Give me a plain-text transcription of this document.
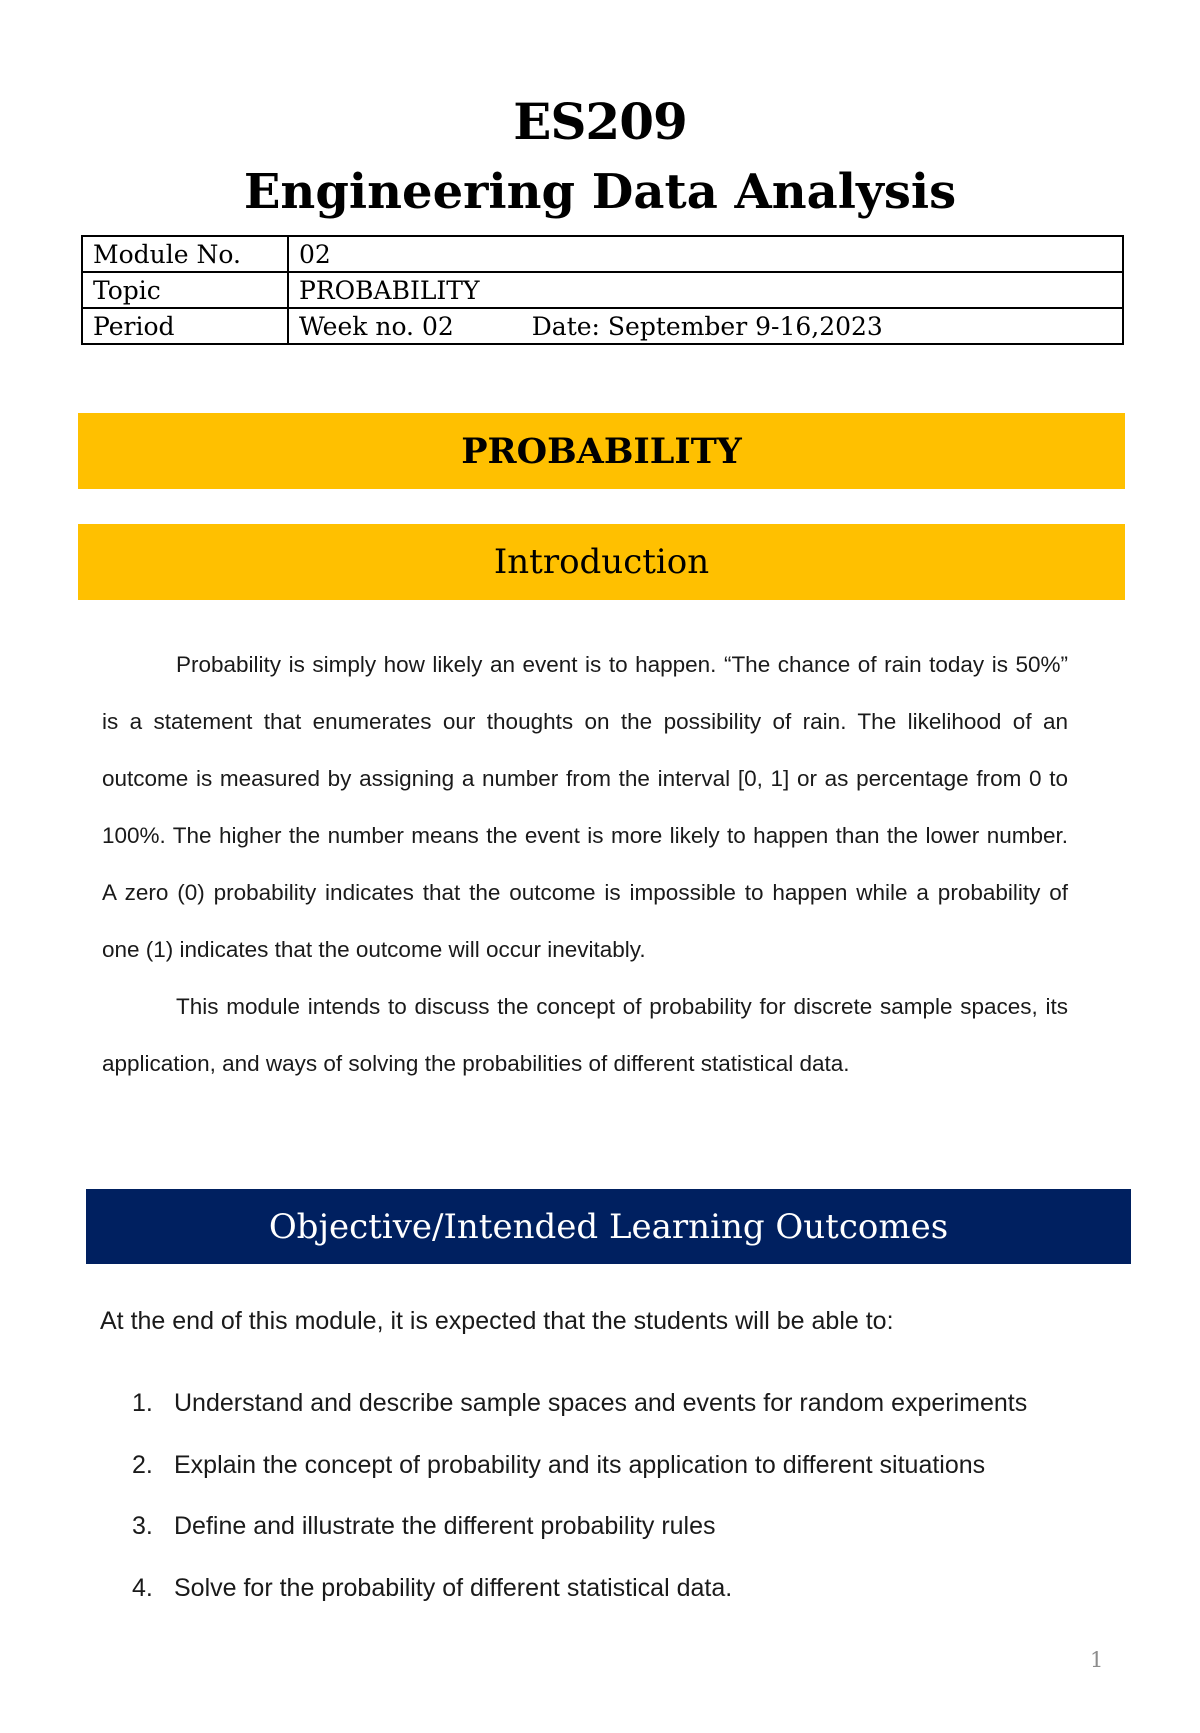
ES209
Engineering Data Analysis
Module No.	02
Topic	PROBABILITY
Period	Week no. 02 Date: September 9-16,2023
PROBABILITY
Introduction

Probability is simply how likely an event is to happen. “The chance of rain today is 50%” is a statement that enumerates our thoughts on the possibility of rain. The likelihood of an outcome is measured by assigning a number from the interval [0, 1] or as percentage from 0 to 100%. The higher the number means the event is more likely to happen than the lower number. A zero (0) probability indicates that the outcome is impossible to happen while a probability of one (1) indicates that the outcome will occur inevitably.

This module intends to discuss the concept of probability for discrete sample spaces, its application, and ways of solving the probabilities of different statistical data.

Objective/Intended Learning Outcomes
At the end of this module, it is expected that the students will be able to:
1. Understand and describe sample spaces and events for random experiments
2. Explain the concept of probability and its application to different situations
3. Define and illustrate the different probability rules
4. Solve for the probability of different statistical data.
1
